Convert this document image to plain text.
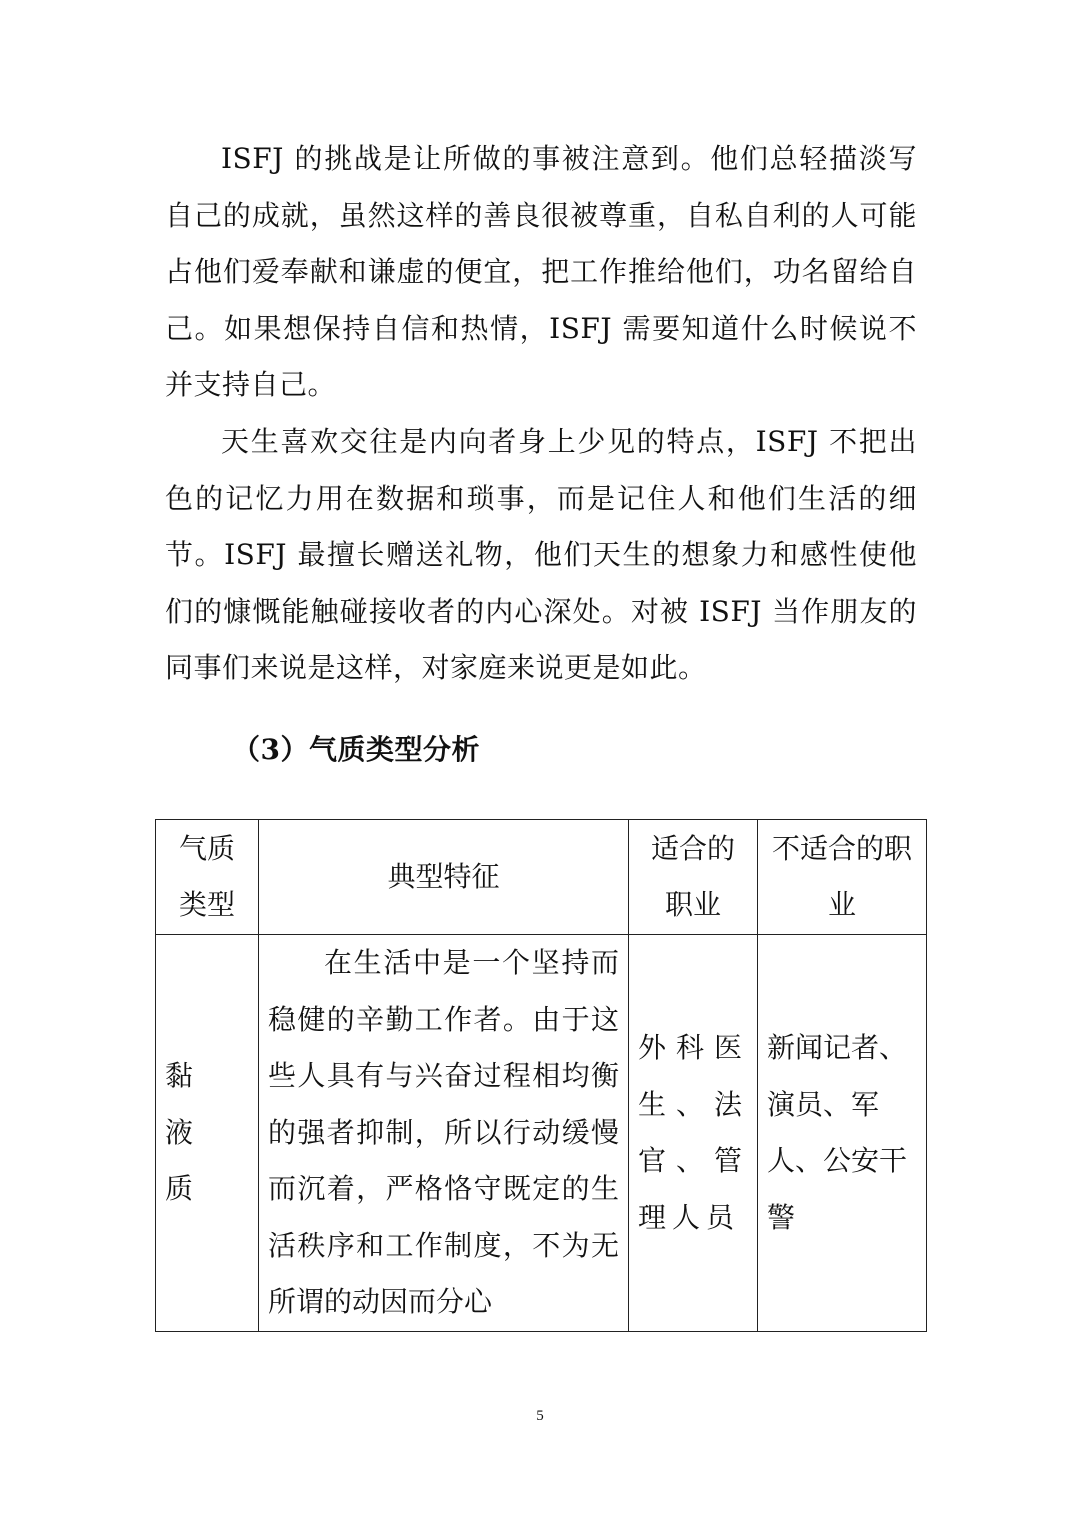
ISFJ 的挑战是让所做的事被注意到。他们总轻描淡写自己的成就，虽然这样的善良很被尊重，自私自利的人可能占他们爱奉献和谦虚的便宜，把工作推给他们，功名留给自己。如果想保持自信和热情，ISFJ 需要知道什么时候说不并支持自己。

天生喜欢交往是内向者身上少见的特点，ISFJ 不把出色的记忆力用在数据和琐事，而是记住人和他们生活的细节。ISFJ 最擅长赠送礼物，他们天生的想象力和感性使他们的慷慨能触碰接收者的内心深处。对被 ISFJ 当作朋友的同事们来说是这样，对家庭来说更是如此。

（3）气质类型分析
气质类型	典型特征	适合的职业	不适合的职业
黏液质	在生活中是一个坚持而稳健的辛勤工作者。由于这些人具有与兴奋过程相均衡的强者抑制，所以行动缓慢而沉着，严格恪守既定的生活秩序和工作制度，不为无所谓的动因而分心	外科医生、法官、管理人员	新闻记者、演员、军人、公安干警
5
